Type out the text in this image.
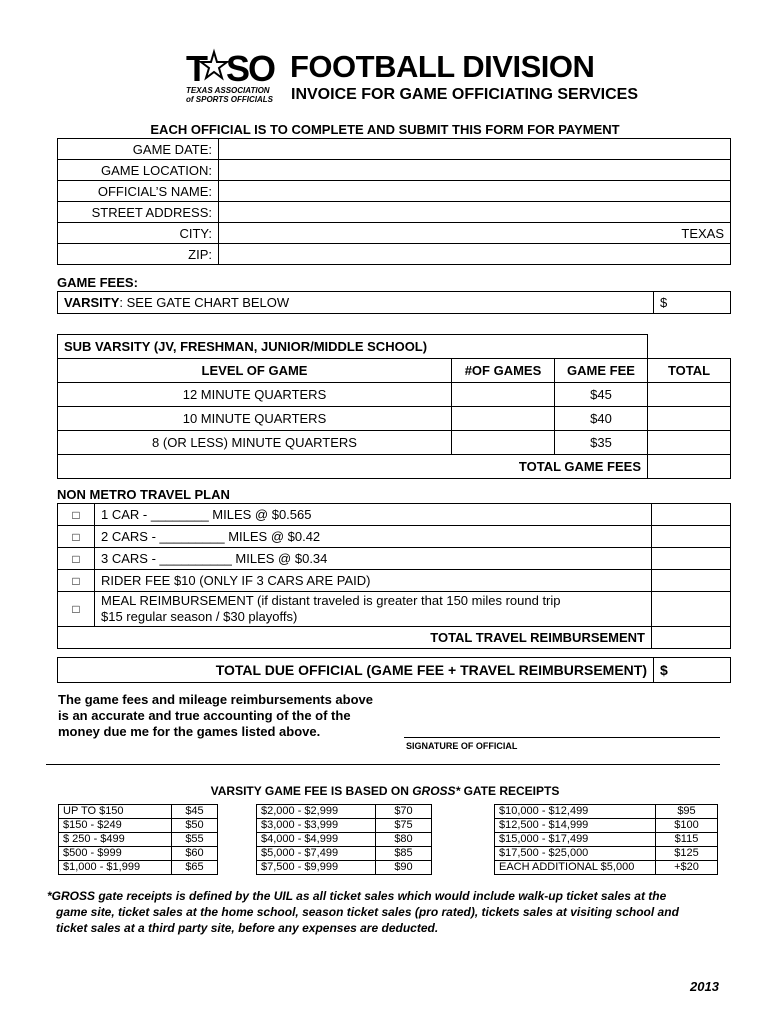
T SO
TEXAS ASSOCIATION
of SPORTS OFFICIALS
FOOTBALL DIVISION
INVOICE FOR GAME OFFICIATING SERVICES
EACH OFFICIAL IS TO COMPLETE AND SUBMIT THIS FORM FOR PAYMENT
GAME DATE:	
GAME LOCATION:	
OFFICIAL’S NAME:	
STREET ADDRESS:	
CITY:	TEXAS
ZIP:	
GAME FEES:
VARSITY: SEE GATE CHART BELOW	$
SUB VARSITY (JV, FRESHMAN, JUNIOR/MIDDLE SCHOOL)			
LEVEL OF GAME	#OF GAMES	GAME FEE	TOTAL
12 MINUTE QUARTERS		$45	
10 MINUTE QUARTERS		$40	
8 (OR LESS) MINUTE QUARTERS		$35	
TOTAL GAME FEES			
NON METRO TRAVEL PLAN
□	1 CAR - ________ MILES @ $0.565	
□	2 CARS - _________ MILES @ $0.42	
□	3 CARS - __________ MILES @ $0.34	
□	RIDER FEE $10 (ONLY IF 3 CARS ARE PAID)	
□	MEAL REIMBURSEMENT (if distant traveled is greater that 150 miles round trip
$15 regular season / $30 playoffs)	

TOTAL TRAVEL REIMBURSEMENT		
TOTAL DUE OFFICIAL (GAME FEE + TRAVEL REIMBURSEMENT)	$
The game fees and mileage reimbursements above
is an accurate and true accounting of the of the
money due me for the games listed above.
SIGNATURE OF OFFICIAL
VARSITY GAME FEE IS BASED ON GROSS* GATE RECEIPTS
UP TO $150	$45
$150 - $249	$50
$ 250 - $499	$55
$500 - $999	$60
$1,000 - $1,999	$65
$2,000 - $2,999	$70
$3,000 - $3,999	$75
$4,000 - $4,999	$80
$5,000 - $7,499	$85
$7,500 - $9,999	$90
$10,000 - $12,499	$95
$12,500 - $14,999	$100
$15,000 - $17,499	$115
$17,500 - $25,000	$125
EACH ADDITIONAL $5,000	+$20
*GROSS gate receipts is defined by the UIL as all ticket sales which would include walk-up ticket sales at the
game site, ticket sales at the home school, season ticket sales (pro rated), tickets sales at visiting school and
ticket sales at a third party site, before any expenses are deducted.
2013
